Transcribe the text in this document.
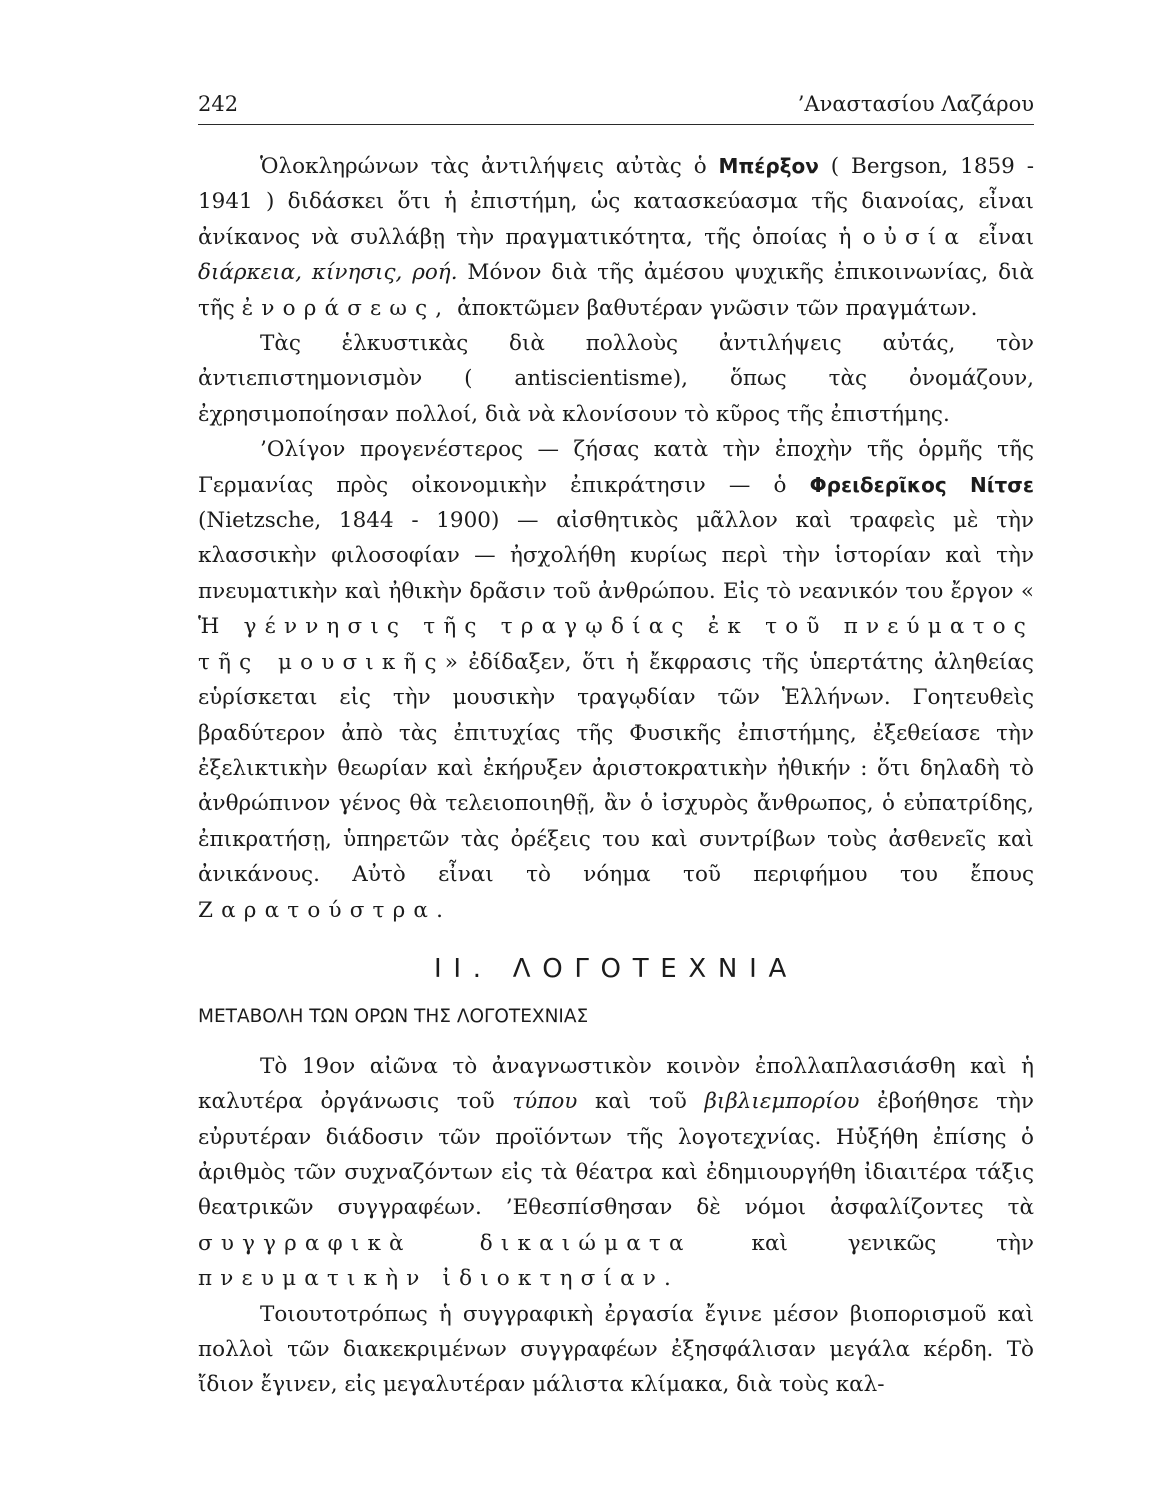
242	’Αναστασίου Λαζάρου

Ὁλοκληρώνων τὰς ἀντιλήψεις αὐτὰς ὁ Μπέρξον ( Bergson, 1859 - 1941 ) διδάσκει ὅτι ἡ ἐπιστήμη, ὡς κατασκεύασμα τῆς διανοίας, εἶναι ἀνίκανος νὰ συλλάβῃ τὴν πραγματικότητα, τῆς ὁποίας ἡ οὐσία εἶναι διάρκεια, κίνησις, ροή. Μόνον διὰ τῆς ἀμέσου ψυχικῆς ἐπικοινωνίας, διὰ τῆς ἐνοράσεως, ἀποκτῶμεν βαθυτέραν γνῶσιν τῶν πραγμάτων.

Τὰς ἑλκυστικὰς διὰ πολλοὺς ἀντιλήψεις αὐτάς, τὸν ἀντιεπιστημονισμὸν ( antiscientisme), ὅπως τὰς ὀνομάζουν, ἐχρησιμοποίησαν πολλοί, διὰ νὰ κλονίσουν τὸ κῦρος τῆς ἐπιστήμης.

’Ολίγον προγενέστερος — ζήσας κατὰ τὴν ἐποχὴν τῆς ὁρμῆς τῆς Γερμανίας πρὸς οἰκονομικὴν ἐπικράτησιν — ὁ Φρειδερῖκος Νίτσε (Nietzsche, 1844 - 1900) — αἰσθητικὸς μᾶλλον καὶ τραφεὶς μὲ τὴν κλασσικὴν φιλοσοφίαν — ἠσχολήθη κυρίως περὶ τὴν ἱστορίαν καὶ τὴν πνευματικὴν καὶ ἠθικὴν δρᾶσιν τοῦ ἀνθρώπου. Εἰς τὸ νεανικόν του ἔργον « Ἡ γέννησις τῆς τραγῳδίας ἐκ τοῦ πνεύματος τῆς μουσικῆς» ἐδίδαξεν, ὅτι ἡ ἔκφρασις τῆς ὑπερτάτης ἀληθείας εὑρίσκεται εἰς τὴν μουσικὴν τραγῳδίαν τῶν Ἑλλήνων. Γοητευθεὶς βραδύτερον ἀπὸ τὰς ἐπιτυχίας τῆς Φυσικῆς ἐπιστήμης, ἐξεθείασε τὴν ἐξελικτικὴν θεωρίαν καὶ ἐκήρυξεν ἀριστοκρατικὴν ἠθικήν : ὅτι δηλαδὴ τὸ ἀνθρώπινον γένος θὰ τελειοποιηθῇ, ἂν ὁ ἰσχυρὸς ἄνθρωπος, ὁ εὐπατρίδης, ἐπικρατήσῃ, ὑπηρετῶν τὰς ὀρέξεις του καὶ συντρίβων τοὺς ἀσθενεῖς καὶ ἀνικάνους. Αὐτὸ εἶναι τὸ νόημα τοῦ περιφήμου του ἔπους Ζαρατούστρα.

ΙΙ. ΛΟΓΟΤΕΧΝΙΑ
ΜΕΤΑΒΟΛΗ ΤΩΝ ΟΡΩΝ ΤΗΣ ΛΟΓΟΤΕΧΝΙΑΣ

Τὸ 19ον αἰῶνα τὸ ἀναγνωστικὸν κοινὸν ἐπολλαπλασιάσθη καὶ ἡ καλυτέρα ὀργάνωσις τοῦ τύπου καὶ τοῦ βιβλιεμπορίου ἐβοήθησε τὴν εὐρυτέραν διάδοσιν τῶν προϊόντων τῆς λογοτεχνίας. Ηὐξήθη ἐπίσης ὁ ἀριθμὸς τῶν συχναζόντων εἰς τὰ θέατρα καὶ ἐδημιουργήθη ἰδιαιτέρα τάξις θεατρικῶν συγγραφέων. ’Εθεσπίσθησαν δὲ νόμοι ἀσφαλίζοντες τὰ συγγραφικὰ δικαιώματα καὶ γενικῶς τὴν πνευματικὴν ἰδιοκτησίαν.

Τοιουτοτρόπως ἡ συγγραφικὴ ἐργασία ἔγινε μέσον βιοπορισμοῦ καὶ πολλοὶ τῶν διακεκριμένων συγγραφέων ἐξησφάλισαν μεγάλα κέρδη. Τὸ ἴδιον ἔγινεν, εἰς μεγαλυτέραν μάλιστα κλίμακα, διὰ τοὺς καλ-
